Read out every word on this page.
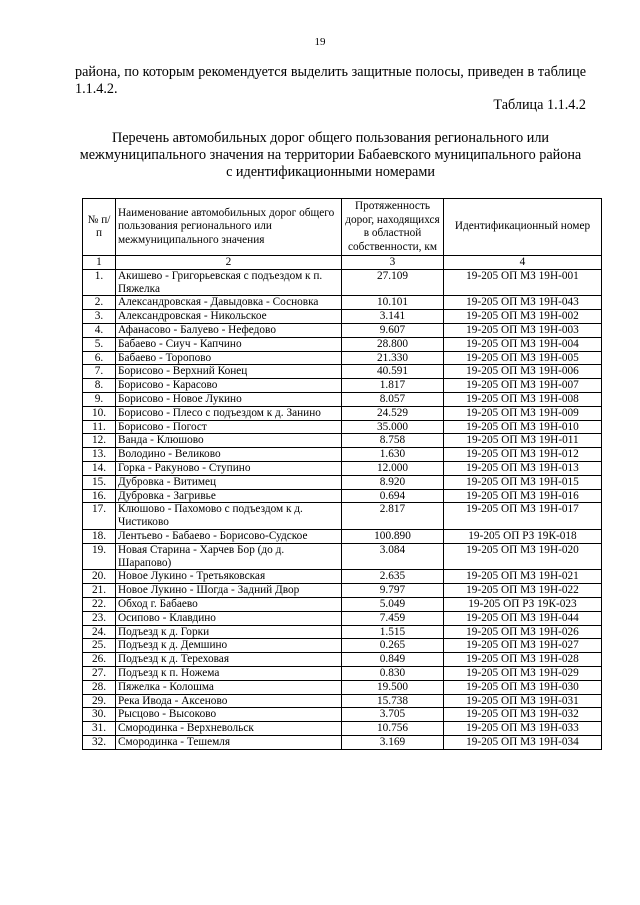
19
района, по которым рекомендуется выделить защитные полосы, приведен в таблице 1.1.4.2.
Таблица 1.1.4.2
Перечень автомобильных дорог общего пользования регионального или межмуниципального значения на территории Бабаевского муниципального района с идентификационными номерами
№ п/п	Наименование автомобильных дорог общего пользования регионального или межмуниципального значения	Протяженность дорог, находящихся в областной собственности, км	Идентификационный номер
1	2	3	4
1.	Акишево - Григорьевская с подъездом к п. Пяжелка	27.109	19-205 ОП МЗ 19Н-001
2.	Александровская - Давыдовка - Сосновка	10.101	19-205 ОП МЗ 19Н-043
3.	Александровская - Никольское	3.141	19-205 ОП МЗ 19Н-002
4.	Афанасово - Балуево - Нефедово	9.607	19-205 ОП МЗ 19Н-003
5.	Бабаево - Сиуч - Капчино	28.800	19-205 ОП МЗ 19Н-004
6.	Бабаево - Торопово	21.330	19-205 ОП МЗ 19Н-005
7.	Борисово - Верхний Конец	40.591	19-205 ОП МЗ 19Н-006
8.	Борисово - Карасово	1.817	19-205 ОП МЗ 19Н-007
9.	Борисово - Новое Лукино	8.057	19-205 ОП МЗ 19Н-008
10.	Борисово - Плесо с подъездом к д. Занино	24.529	19-205 ОП МЗ 19Н-009
11.	Борисово - Погост	35.000	19-205 ОП МЗ 19Н-010
12.	Ванда - Клюшово	8.758	19-205 ОП МЗ 19Н-011
13.	Володино - Великово	1.630	19-205 ОП МЗ 19Н-012
14.	Горка - Ракуново - Ступино	12.000	19-205 ОП МЗ 19Н-013
15.	Дубровка - Витимец	8.920	19-205 ОП МЗ 19Н-015
16.	Дубровка - Загривье	0.694	19-205 ОП МЗ 19Н-016
17.	Клюшово - Пахомово с подъездом к д. Чистиково	2.817	19-205 ОП МЗ 19Н-017
18.	Лентьево - Бабаево - Борисово-Судское	100.890	19-205 ОП РЗ 19К-018
19.	Новая Старина - Харчев Бор (до д. Шарапово)	3.084	19-205 ОП МЗ 19Н-020
20.	Новое Лукино - Третьяковская	2.635	19-205 ОП МЗ 19Н-021
21.	Новое Лукино - Шогда - Задний Двор	9.797	19-205 ОП МЗ 19Н-022
22.	Обход г. Бабаево	5.049	19-205 ОП РЗ 19К-023
23.	Осипово - Клавдино	7.459	19-205 ОП МЗ 19Н-044
24.	Подъезд к д. Горки	1.515	19-205 ОП МЗ 19Н-026
25.	Подъезд к д. Демшино	0.265	19-205 ОП МЗ 19Н-027
26.	Подъезд к д. Тереховая	0.849	19-205 ОП МЗ 19Н-028
27.	Подъезд к п. Ножема	0.830	19-205 ОП МЗ 19Н-029
28.	Пяжелка - Колошма	19.500	19-205 ОП МЗ 19Н-030
29.	Река Ивода - Аксеново	15.738	19-205 ОП МЗ 19Н-031
30.	Рысцово - Высоково	3.705	19-205 ОП МЗ 19Н-032
31.	Смородинка - Верхневольск	10.756	19-205 ОП МЗ 19Н-033
32.	Смородинка - Тешемля	3.169	19-205 ОП МЗ 19Н-034
